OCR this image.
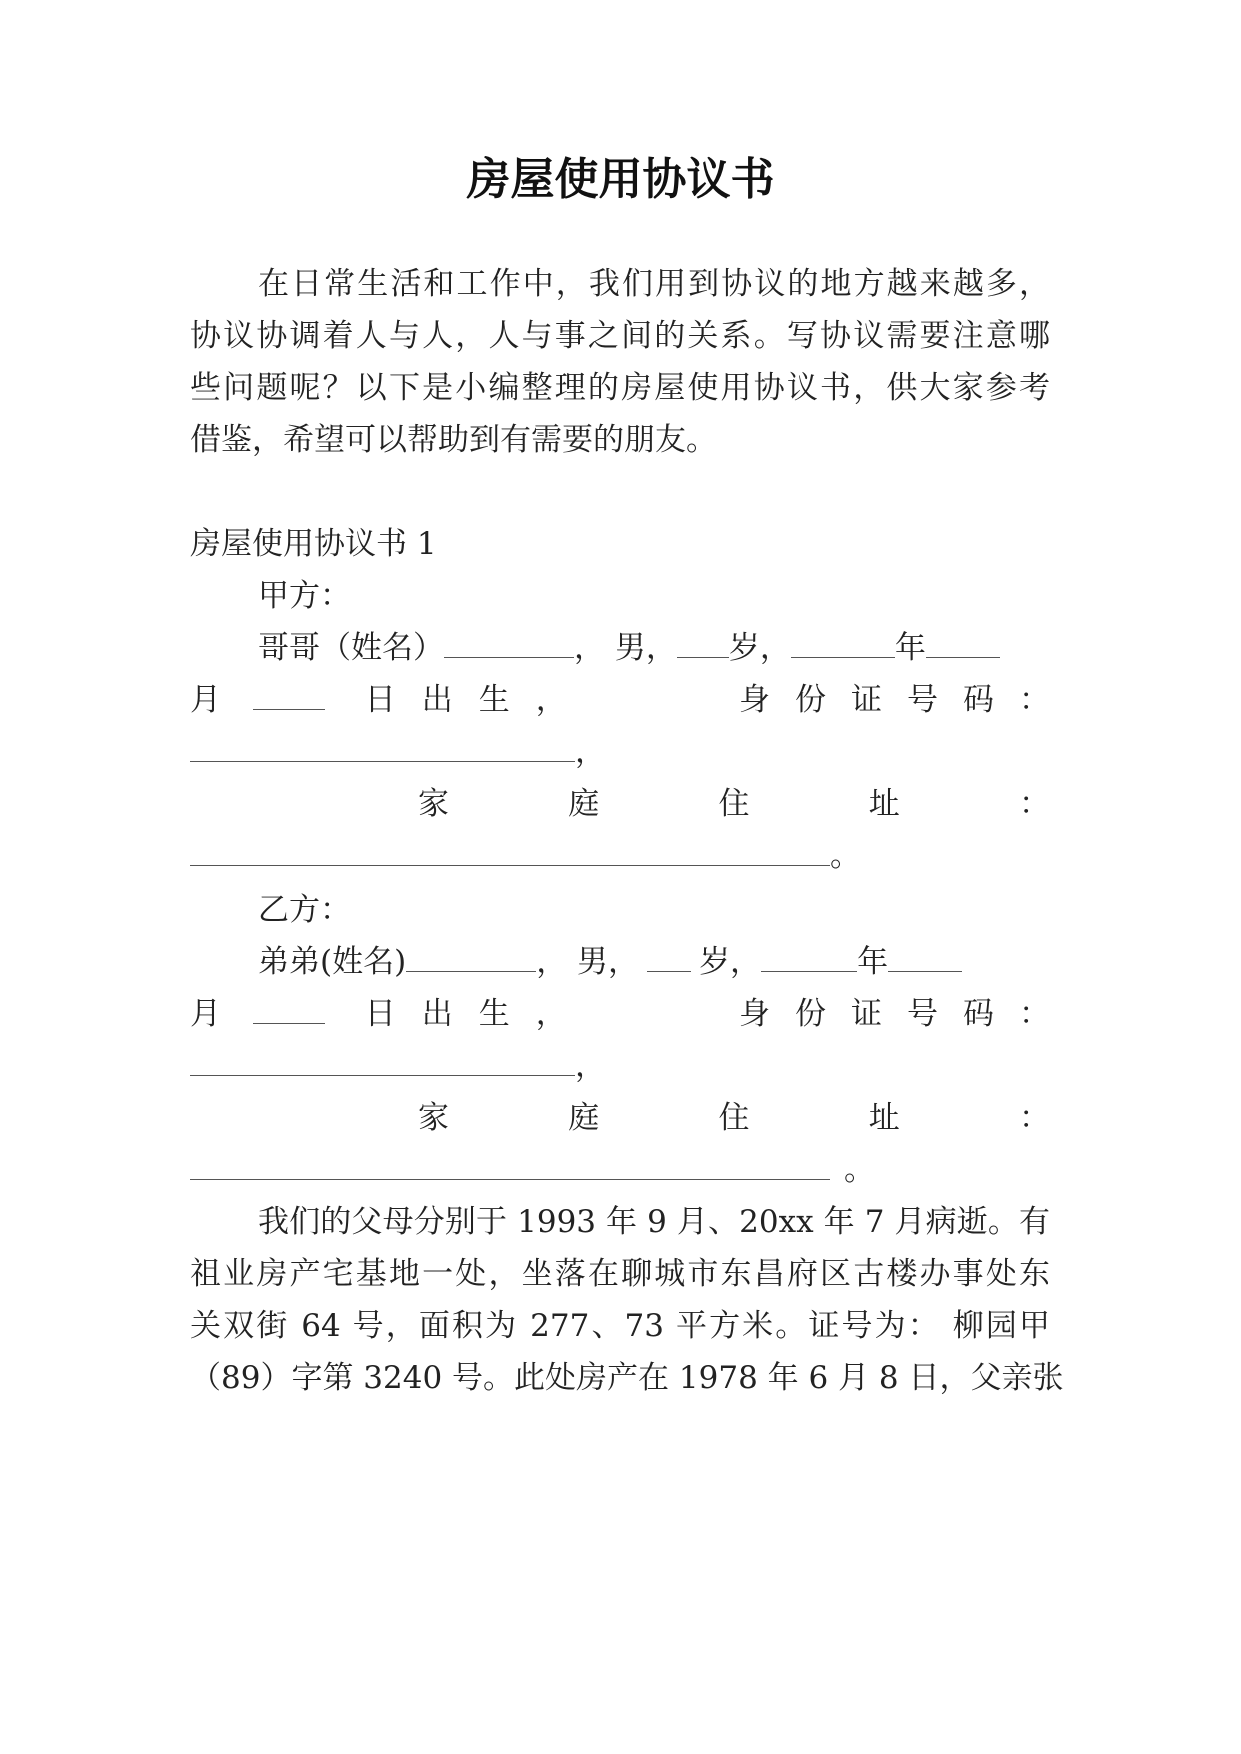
房屋使用协议书
在日常生活和工作中，我们用到协议的地方越来越多，
协议协调着人与人，人与事之间的关系。写协议需要注意哪
些问题呢？以下是小编整理的房屋使用协议书，供大家参考
借鉴，希望可以帮助到有需要的朋友。
房屋使用协议书 1
甲方：
哥哥（姓名）	， 男， 岁，	年
月	日出生，	身份证号码：
，
家	庭	住	址	：
。
乙方：
弟弟(姓名)	， 男， 岁，	年
月	日出生，	身份证号码：
，
家	庭	住	址	：
。
我们的父母分别于 1993 年 9 月、20xx 年 7 月病逝。有
祖业房产宅基地一处，坐落在聊城市东昌府区古楼办事处东
关双街 64 号，面积为 277、73 平方米。证号为： 柳园甲
（89）字第 3240 号。此处房产在 1978 年 6 月 8 日，父亲张
